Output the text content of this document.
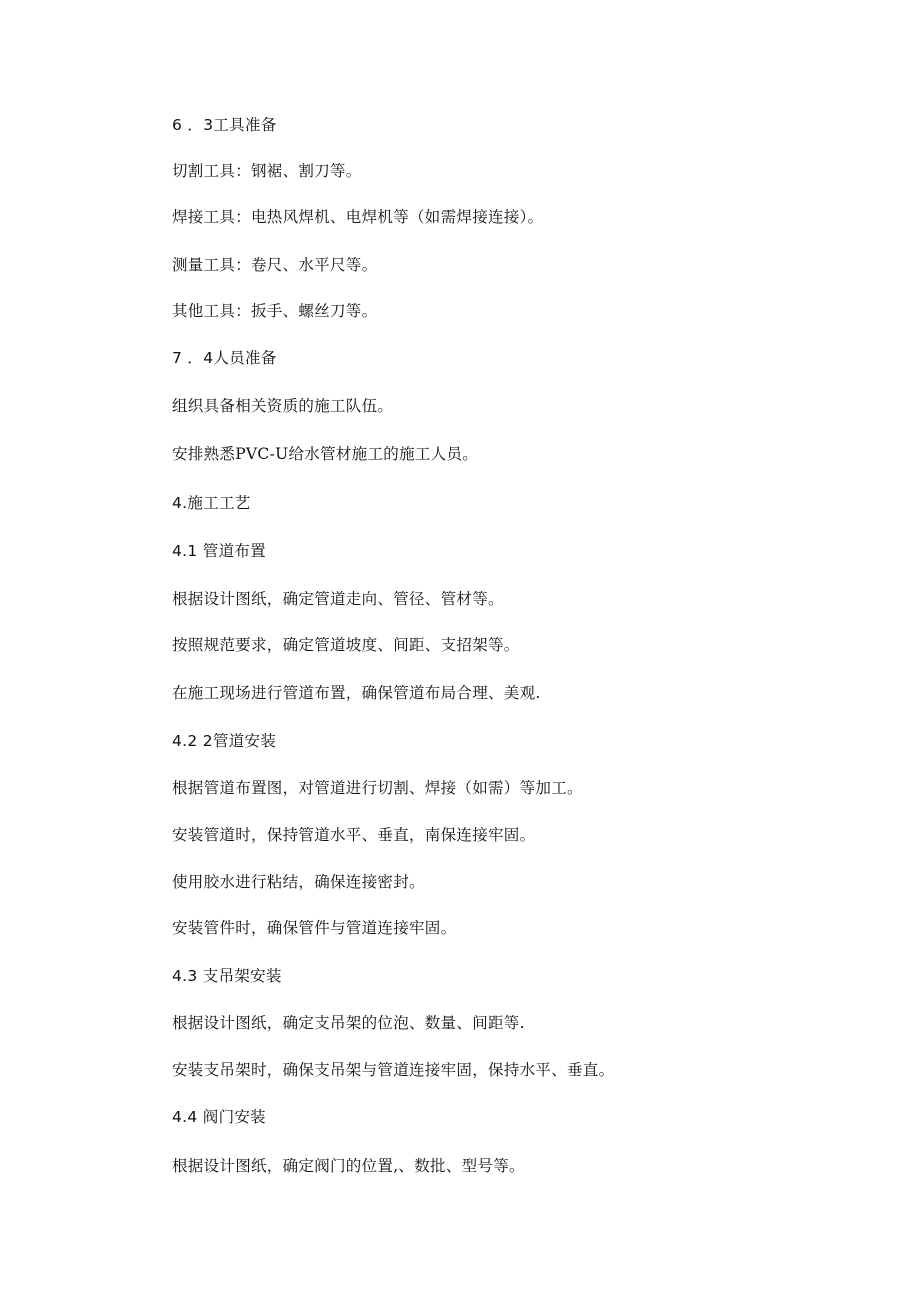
6 ．3工具准备
切割工具：钢裾、割刀等。
焊接工具：电热风焊机、电焊机等（如需焊接连接）。
测量工具：卷尺、水平尺等。
其他工具：扳手、螺丝刀等。
7 ．4人员准备
组织具备相关资质的施工队伍。
安排熟悉PVC-U给水管材施工的施工人员。
4.施工工艺
4.1 管道布置
根据设计图纸，确定管道走向、管径、管材等。
按照规范要求，确定管道坡度、间距、支招架等。
在施工现场进行管道布置，确保管道布局合理、美观.
4.2 2管道安装
根据管道布置图，对管道进行切割、焊接（如需）等加工。
安装管道时，保持管道水平、垂直，南保连接牢固。
使用胶水进行粘结，确保连接密封。
安装管件时，确保管件与管道连接牢固。
4.3 支吊架安装
根据设计图纸，确定支吊架的位泡、数量、间距等.
安装支吊架时，确保支吊架与管道连接牢固，保持水平、垂直。
4.4 阀门安装
根据设计图纸，确定阀门的位置,、数批、型号等。
